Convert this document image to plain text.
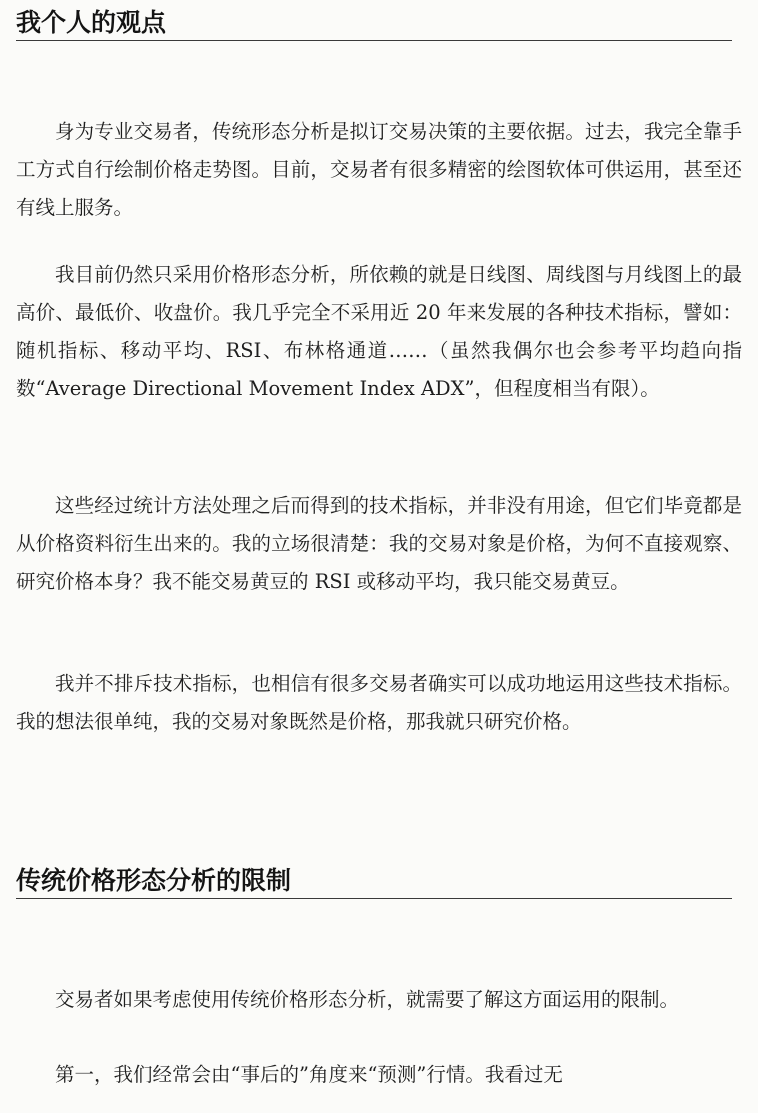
我个人的观点

身为专业交易者，传统形态分析是拟订交易决策的主要依据。过去，我完全靠手工方式自行绘制价格走势图。目前，交易者有很多精密的绘图软体可供运用，甚至还有线上服务。

我目前仍然只采用价格形态分析，所依赖的就是日线图、周线图与月线图上的最高价、最低价、收盘价。我几乎完全不采用近 20 年来发展的各种技术指标，譬如：随机指标、移动平均、RSI、布林格通道……（虽然我偶尔也会参考平均趋向指数“Average Directional Movement Index ADX”，但程度相当有限）。

这些经过统计方法处理之后而得到的技术指标，并非没有用途，但它们毕竟都是从价格资料衍生出来的。我的立场很清楚：我的交易对象是价格，为何不直接观察、研究价格本身？我不能交易黄豆的 RSI 或移动平均，我只能交易黄豆。

我并不排斥技术指标，也相信有很多交易者确实可以成功地运用这些技术指标。我的想法很单纯，我的交易对象既然是价格，那我就只研究价格。

传统价格形态分析的限制

交易者如果考虑使用传统价格形态分析，就需要了解这方面运用的限制。

第一，我们经常会由“事后的”角度来“预测”行情。我看过无
